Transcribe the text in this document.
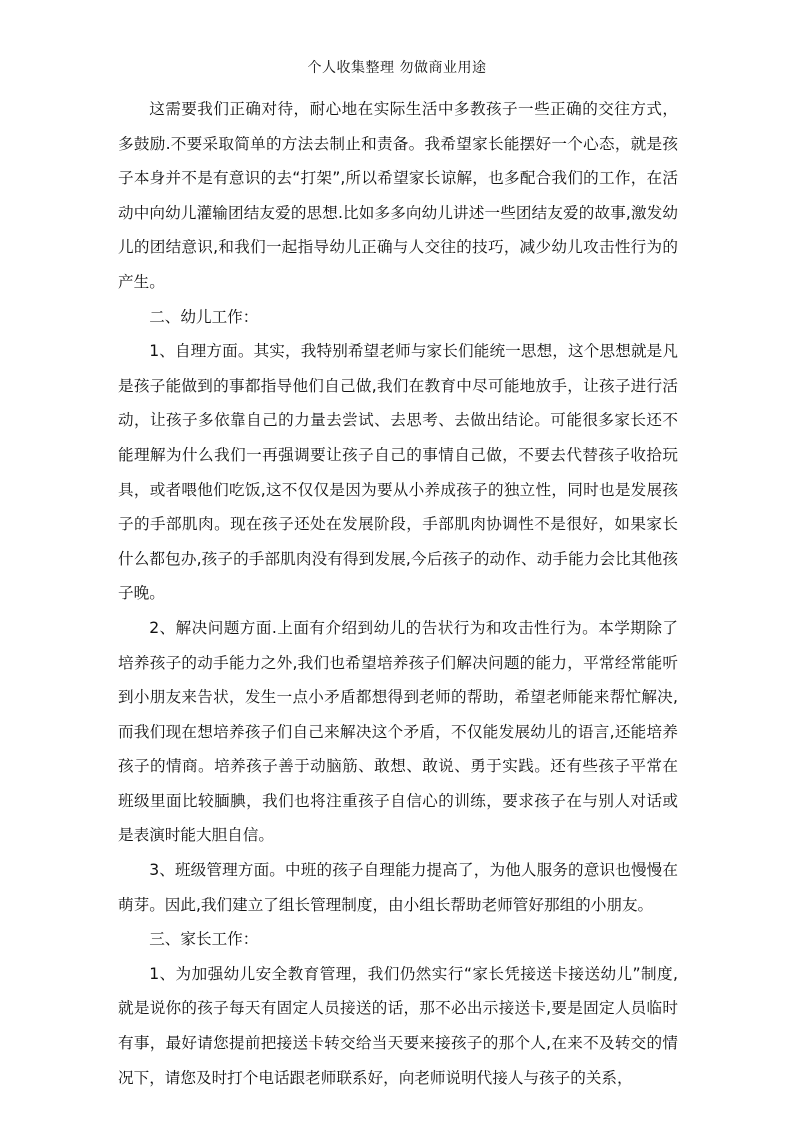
个人收集整理 勿做商业用途

这需要我们正确对待，耐心地在实际生活中多教孩子一些正确的交往方式，多鼓励.不要采取简单的方法去制止和责备。我希望家长能摆好一个心态，就是孩子本身并不是有意识的去“打架”,所以希望家长谅解，也多配合我们的工作，在活动中向幼儿灌输团结友爱的思想.比如多多向幼儿讲述一些团结友爱的故事,激发幼儿的团结意识,和我们一起指导幼儿正确与人交往的技巧，减少幼儿攻击性行为的产生。

二、幼儿工作：

1、自理方面。其实，我特别希望老师与家长们能统一思想，这个思想就是凡是孩子能做到的事都指导他们自己做,我们在教育中尽可能地放手，让孩子进行活动，让孩子多依靠自己的力量去尝试、去思考、去做出结论。可能很多家长还不能理解为什么我们一再强调要让孩子自己的事情自己做，不要去代替孩子收拾玩具，或者喂他们吃饭,这不仅仅是因为要从小养成孩子的独立性，同时也是发展孩子的手部肌肉。现在孩子还处在发展阶段，手部肌肉协调性不是很好，如果家长什么都包办,孩子的手部肌肉没有得到发展,今后孩子的动作、动手能力会比其他孩子晚。

2、解决问题方面.上面有介绍到幼儿的告状行为和攻击性行为。本学期除了培养孩子的动手能力之外,我们也希望培养孩子们解决问题的能力，平常经常能听到小朋友来告状，发生一点小矛盾都想得到老师的帮助，希望老师能来帮忙解决,而我们现在想培养孩子们自己来解决这个矛盾，不仅能发展幼儿的语言,还能培养孩子的情商。培养孩子善于动脑筋、敢想、敢说、勇于实践。还有些孩子平常在班级里面比较腼腆，我们也将注重孩子自信心的训练，要求孩子在与别人对话或是表演时能大胆自信。

3、班级管理方面。中班的孩子自理能力提高了，为他人服务的意识也慢慢在萌芽。因此,我们建立了组长管理制度，由小组长帮助老师管好那组的小朋友。

三、家长工作：

1、为加强幼儿安全教育管理，我们仍然实行“家长凭接送卡接送幼儿”制度,就是说你的孩子每天有固定人员接送的话，那不必出示接送卡,要是固定人员临时有事，最好请您提前把接送卡转交给当天要来接孩子的那个人,在来不及转交的情况下，请您及时打个电话跟老师联系好，向老师说明代接人与孩子的关系，
